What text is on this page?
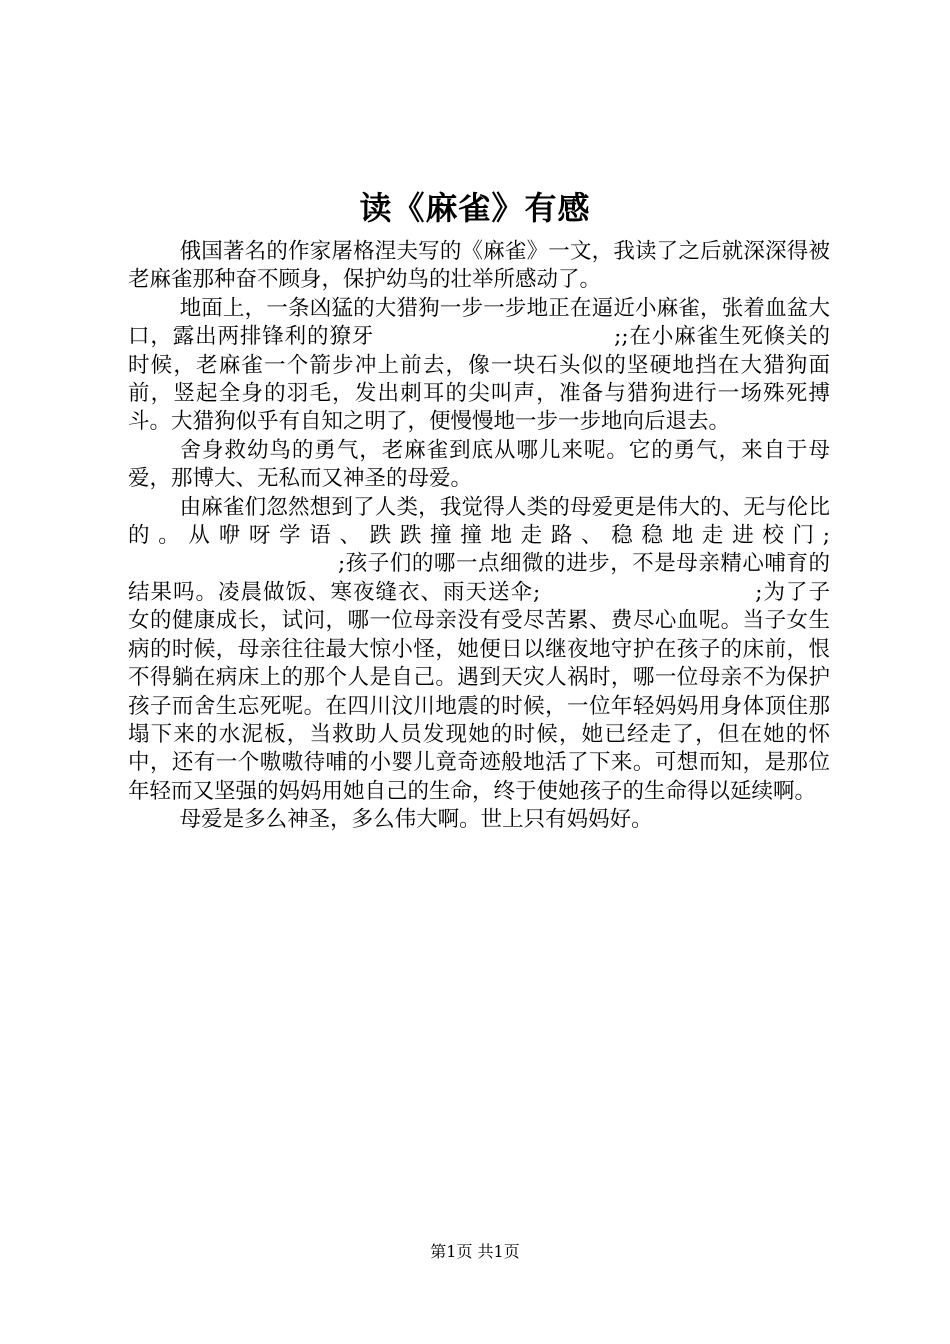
读《麻雀》有感

俄国著名的作家屠格涅夫写的《麻雀》一文，我读了之后就深深得被老麻雀那种奋不顾身，保护幼鸟的壮举所感动了。

地面上，一条凶猛的大猎狗一步一步地正在逼近小麻雀，张着血盆大口，露出两排锋利的獠牙	;;在小麻雀生死倏关的时候，老麻雀一个箭步冲上前去，像一块石头似的坚硬地挡在大猎狗面前，竖起全身的羽毛，发出刺耳的尖叫声，准备与猎狗进行一场殊死搏斗。大猎狗似乎有自知之明了，便慢慢地一步一步地向后退去。

舍身救幼鸟的勇气，老麻雀到底从哪儿来呢。它的勇气，来自于母爱，那博大、无私而又神圣的母爱。

由麻雀们忽然想到了人类，我觉得人类的母爱更是伟大的、无与伦比的。从咿呀学语、跌跌撞撞地走路、稳稳地走进校门;;孩子们的哪一点细微的进步，不是母亲精心哺育的结果吗。凌晨做饭、寒夜缝衣、雨天送伞;	;为了子女的健康成长，试问，哪一位母亲没有受尽苦累、费尽心血呢。当子女生病的时候，母亲往往最大惊小怪，她便日以继夜地守护在孩子的床前，恨不得躺在病床上的那个人是自己。遇到天灾人祸时，哪一位母亲不为保护孩子而舍生忘死呢。在四川汶川地震的时候，一位年轻妈妈用身体顶住那塌下来的水泥板，当救助人员发现她的时候，她已经走了，但在她的怀中，还有一个嗷嗷待哺的小婴儿竟奇迹般地活了下来。可想而知，是那位年轻而又坚强的妈妈用她自己的生命，终于使她孩子的生命得以延续啊。

母爱是多么神圣，多么伟大啊。世上只有妈妈好。

第1页 共1页
